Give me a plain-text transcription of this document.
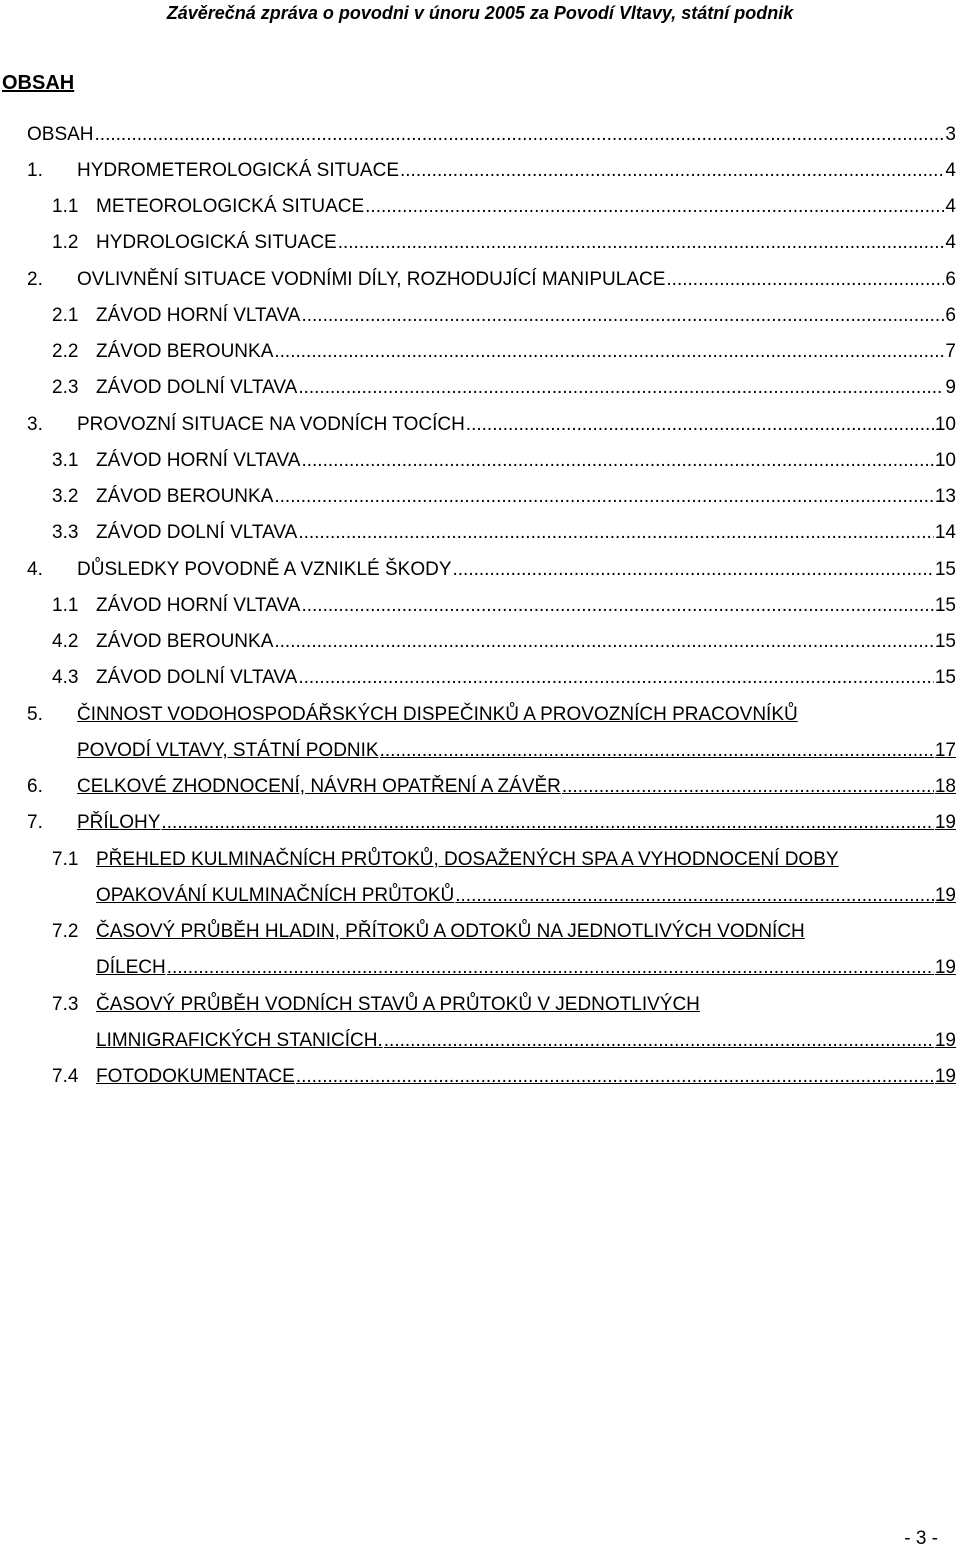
Závěrečná zpráva o povodni v únoru 2005 za Povodí Vltavy, státní podnik
OBSAH
OBSAH .....	3
1. HYDROMETEROLOGICKÁ SITUACE .....	4
1.1 METEOROLOGICKÁ SITUACE .....	4
1.2 HYDROLOGICKÁ SITUACE .....	4
2. OVLIVNĚNÍ SITUACE VODNÍMI DÍLY, ROZHODUJÍCÍ MANIPULACE .....	6
2.1 ZÁVOD HORNÍ VLTAVA .....	6
2.2 ZÁVOD BEROUNKA .....	7
2.3 ZÁVOD DOLNÍ VLTAVA .....	9
3. PROVOZNÍ SITUACE NA VODNÍCH TOCÍCH .....	10
3.1 ZÁVOD HORNÍ VLTAVA .....	10
3.2 ZÁVOD BEROUNKA .....	13
3.3 ZÁVOD DOLNÍ VLTAVA .....	14
4. DŮSLEDKY POVODNĚ A VZNIKLÉ ŠKODY .....	15
1.1 ZÁVOD HORNÍ VLTAVA .....	15
4.2 ZÁVOD BEROUNKA .....	15
4.3 ZÁVOD DOLNÍ VLTAVA .....	15
5. ČINNOST VODOHOSPODÁŘSKÝCH DISPEČINKŮ A PROVOZNÍCH PRACOVNÍKŮ
POVODÍ VLTAVY, STÁTNÍ PODNIK .....	17
6. CELKOVÉ ZHODNOCENÍ, NÁVRH OPATŘENÍ A ZÁVĚR .....	18
7. PŘÍLOHY .....	19
7.1 PŘEHLED KULMINAČNÍCH PRŮTOKŮ, DOSAŽENÝCH SPA A VYHODNOCENÍ DOBY
OPAKOVÁNÍ KULMINAČNÍCH PRŮTOKŮ .....	19
7.2 ČASOVÝ PRŮBĚH HLADIN, PŘÍTOKŮ A ODTOKŮ NA JEDNOTLIVÝCH VODNÍCH
DÍLECH .....	19
7.3 ČASOVÝ PRŮBĚH VODNÍCH STAVŮ A PRŮTOKŮ V JEDNOTLIVÝCH
LIMNIGRAFICKÝCH STANICÍCH. .....	19
7.4 FOTODOKUMENTACE .....	19
- 3 -
